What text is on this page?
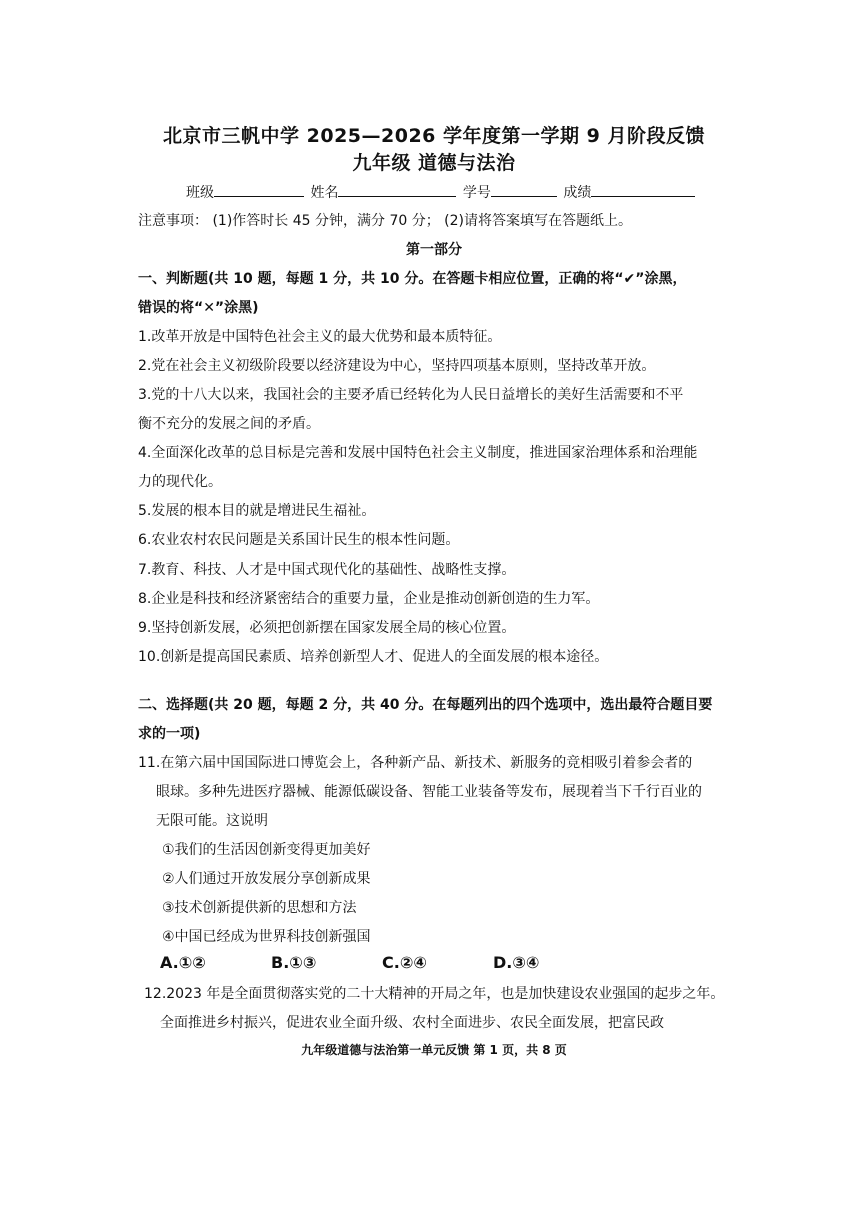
北京市三帆中学 2025—2026 学年度第一学期 9 月阶段反馈
九年级 道德与法治
班级	姓名	学号	成绩
注意事项： (1)作答时长 45 分钟，满分 70 分； (2)请将答案填写在答题纸上。
第一部分
一、判断题(共 10 题，每题 1 分，共 10 分。在答题卡相应位置，正确的将“✔”涂黑，
错误的将“✕”涂黑)
1.改革开放是中国特色社会主义的最大优势和最本质特征。
2.党在社会主义初级阶段要以经济建设为中心，坚持四项基本原则，坚持改革开放。
3.党的十八大以来，我国社会的主要矛盾已经转化为人民日益增长的美好生活需要和不平
衡不充分的发展之间的矛盾。
4.全面深化改革的总目标是完善和发展中国特色社会主义制度，推进国家治理体系和治理能
力的现代化。
5.发展的根本目的就是增进民生福祉。
6.农业农村农民问题是关系国计民生的根本性问题。
7.教育、科技、人才是中国式现代化的基础性、战略性支撑。
8.企业是科技和经济紧密结合的重要力量，企业是推动创新创造的生力军。
9.坚持创新发展，必须把创新摆在国家发展全局的核心位置。
10.创新是提高国民素质、培养创新型人才、促进人的全面发展的根本途径。
二、选择题(共 20 题，每题 2 分，共 40 分。在每题列出的四个选项中，选出最符合题目要
求的一项)
11.在第六届中国国际进口博览会上，各种新产品、新技术、新服务的竞相吸引着参会者的
眼球。多种先进医疗器械、能源低碳设备、智能工业装备等发布，展现着当下千行百业的
无限可能。这说明
①我们的生活因创新变得更加美好
②人们通过开放发展分享创新成果
③技术创新提供新的思想和方法
④中国已经成为世界科技创新强国
A.①②	B.①③	C.②④	D.③④
12.2023 年是全面贯彻落实党的二十大精神的开局之年，也是加快建设农业强国的起步之年。
全面推进乡村振兴，促进农业全面升级、农村全面进步、农民全面发展，把富民政
九年级道德与法治第一单元反馈 第 1 页，共 8 页
